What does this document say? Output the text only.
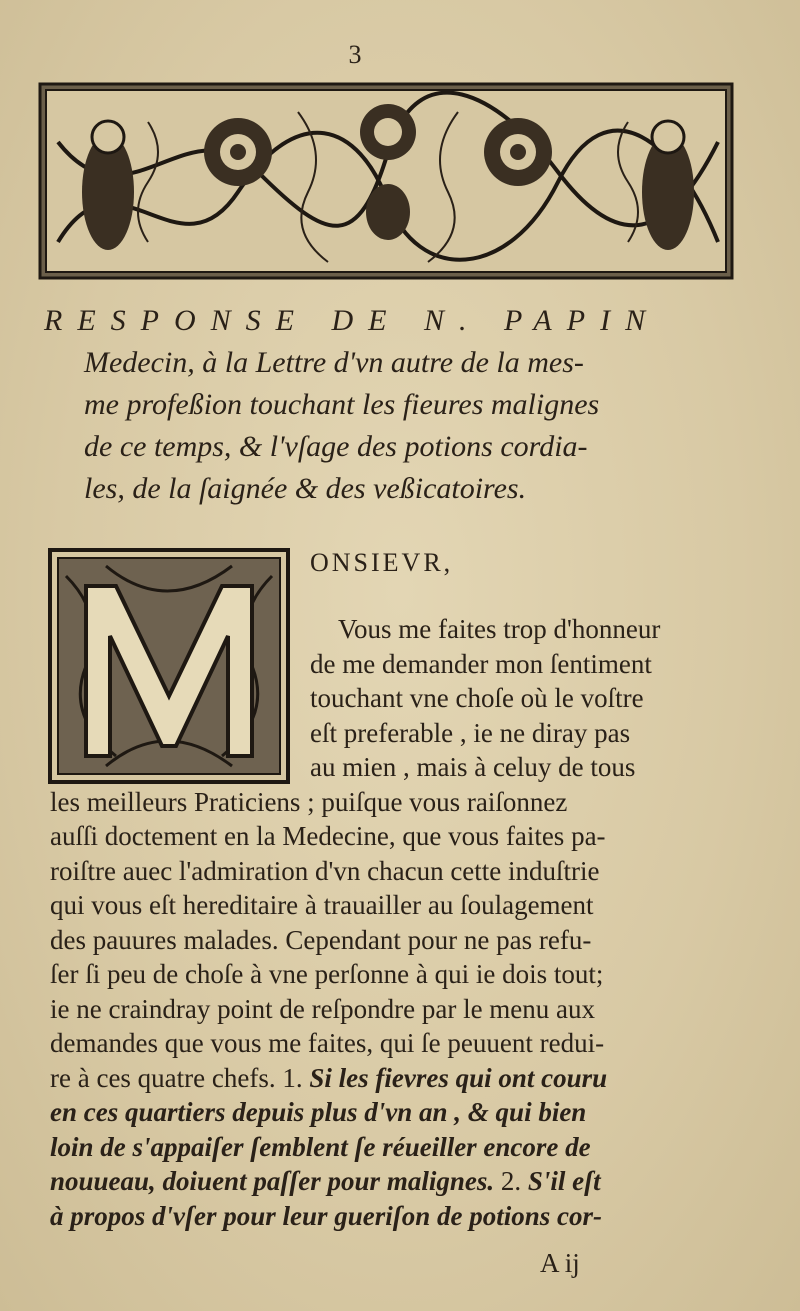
3
RESPONSE DE N. PAPIN
Medecin, à la Lettre d'vn autre de la mes-
me profeßion touchant les fieures malignes
de ce temps, & l'vſage des potions cordia-
les, de la ſaignée & des veßicatoires.
ONSIEVR,
Vous me faites trop d'honneur
de me demander mon ſentiment
touchant vne choſe où le voſtre
eſt preferable , ie ne diray pas
au mien , mais à celuy de tous
les meilleurs Praticiens ; puiſque vous raiſonnez
auſſi doctement en la Medecine, que vous faites pa-
roiſtre auec l'admiration d'vn chacun cette induſtrie
qui vous eſt hereditaire à trauailler au ſoulagement
des pauures malades. Cependant pour ne pas refu-
ſer ſi peu de choſe à vne perſonne à qui ie dois tout;
ie ne craindray point de reſpondre par le menu aux
demandes que vous me faites, qui ſe peuuent redui-
re à ces quatre chefs. 1. Si les fievres qui ont couru
en ces quartiers depuis plus d'vn an , & qui bien
loin de s'appaiſer ſemblent ſe réueiller encore de
nouueau, doiuent paſſer pour malignes. 2. S'il eſt
à propos d'vſer pour leur gueriſon de potions cor-
A ij
